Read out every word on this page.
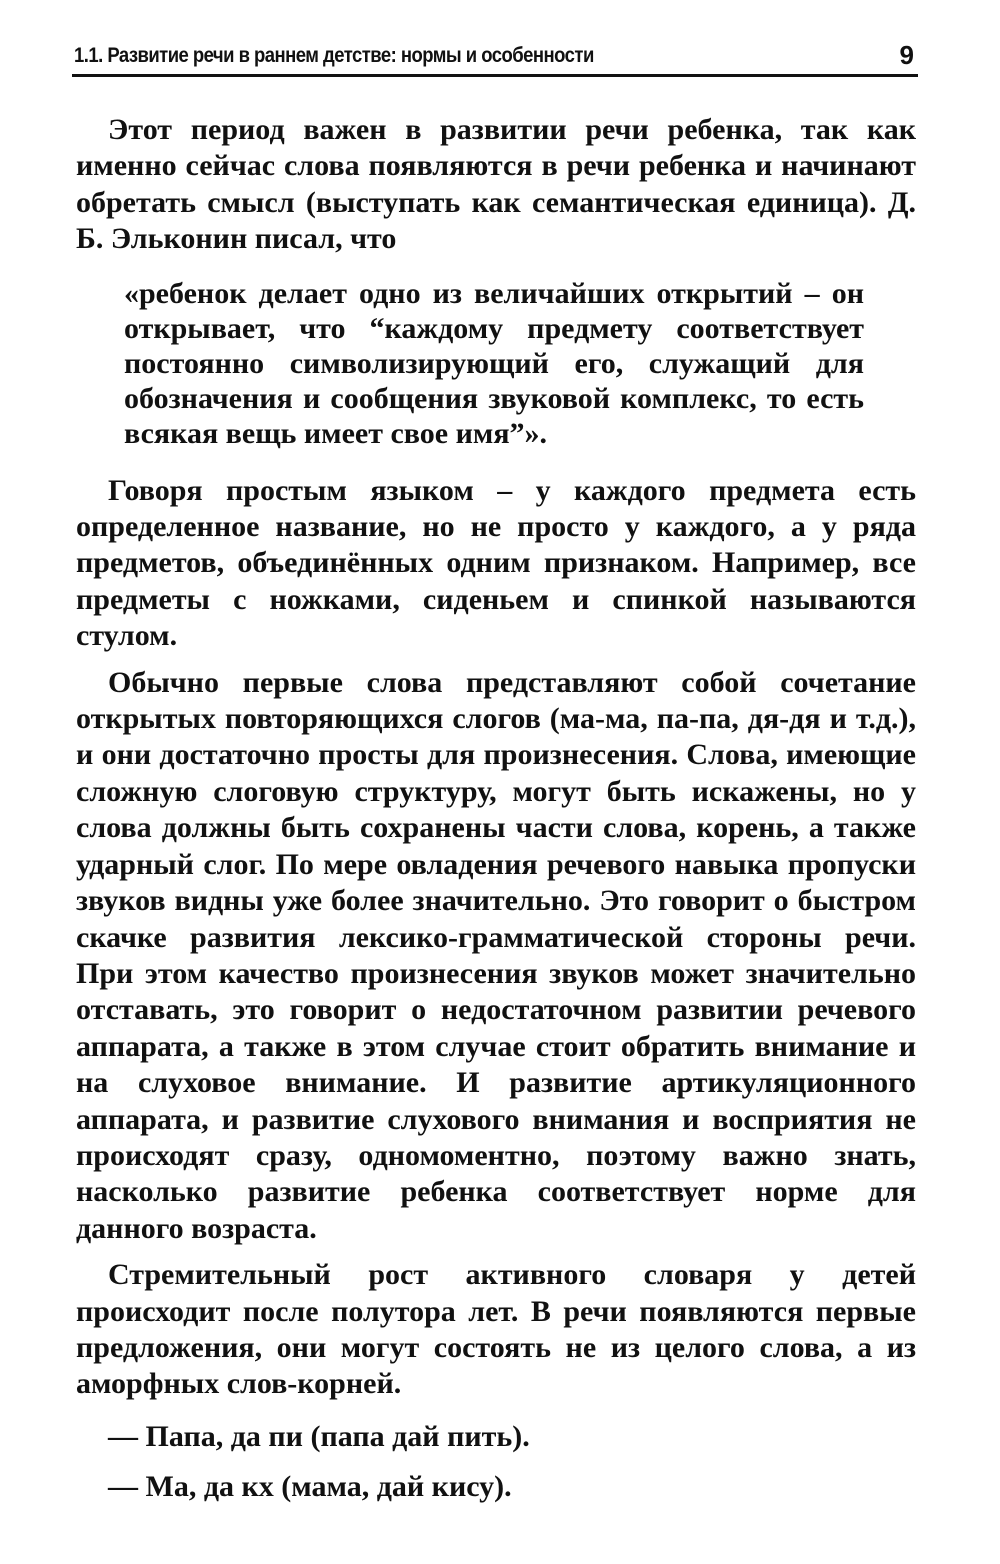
1.1. Развитие речи в раннем детстве: нормы и особенности	9

Этот период важен в развитии речи ребенка, так как именно сейчас слова появляются в речи ребенка и начинают обретать смысл (выступать как семантическая единица). Д. Б. Эльконин писал, что

«ребенок делает одно из величайших открытий – он открывает, что “каждому предмету соответствует постоянно символизирующий его, служащий для обозначения и сообщения звуковой комплекс, то есть всякая вещь имеет свое имя”».

Говоря простым языком – у каждого предмета есть определенное название, но не просто у каждого, а у ряда предметов, объединённых одним признаком. Например, все предметы с ножками, сиденьем и спинкой называются стулом.

Обычно первые слова представляют собой сочетание открытых повторяющихся слогов (ма-ма, па-па, дя-дя и т.д.), и они достаточно просты для произнесения. Слова, имеющие сложную слоговую структуру, могут быть искажены, но у слова должны быть сохранены части слова, корень, а также ударный слог. По мере овладения речевого навыка пропуски звуков видны уже более значительно. Это говорит о быстром скачке развития лексико-грамматической стороны речи. При этом качество произнесения звуков может значительно отставать, это говорит о недостаточном развитии речевого аппарата, а также в этом случае стоит обратить внимание и на слуховое внимание. И развитие артикуляционного аппарата, и развитие слухового внимания и восприятия не происходят сразу, одномоментно, поэтому важно знать, насколько развитие ребенка соответствует норме для данного возраста.

Стремительный рост активного словаря у детей происходит после полутора лет. В речи появляются первые предложения, они могут состоять не из целого слова, а из аморфных слов-корней.

— Папа, да пи (папа дай пить).

— Ма, да кх (мама, дай кису).
